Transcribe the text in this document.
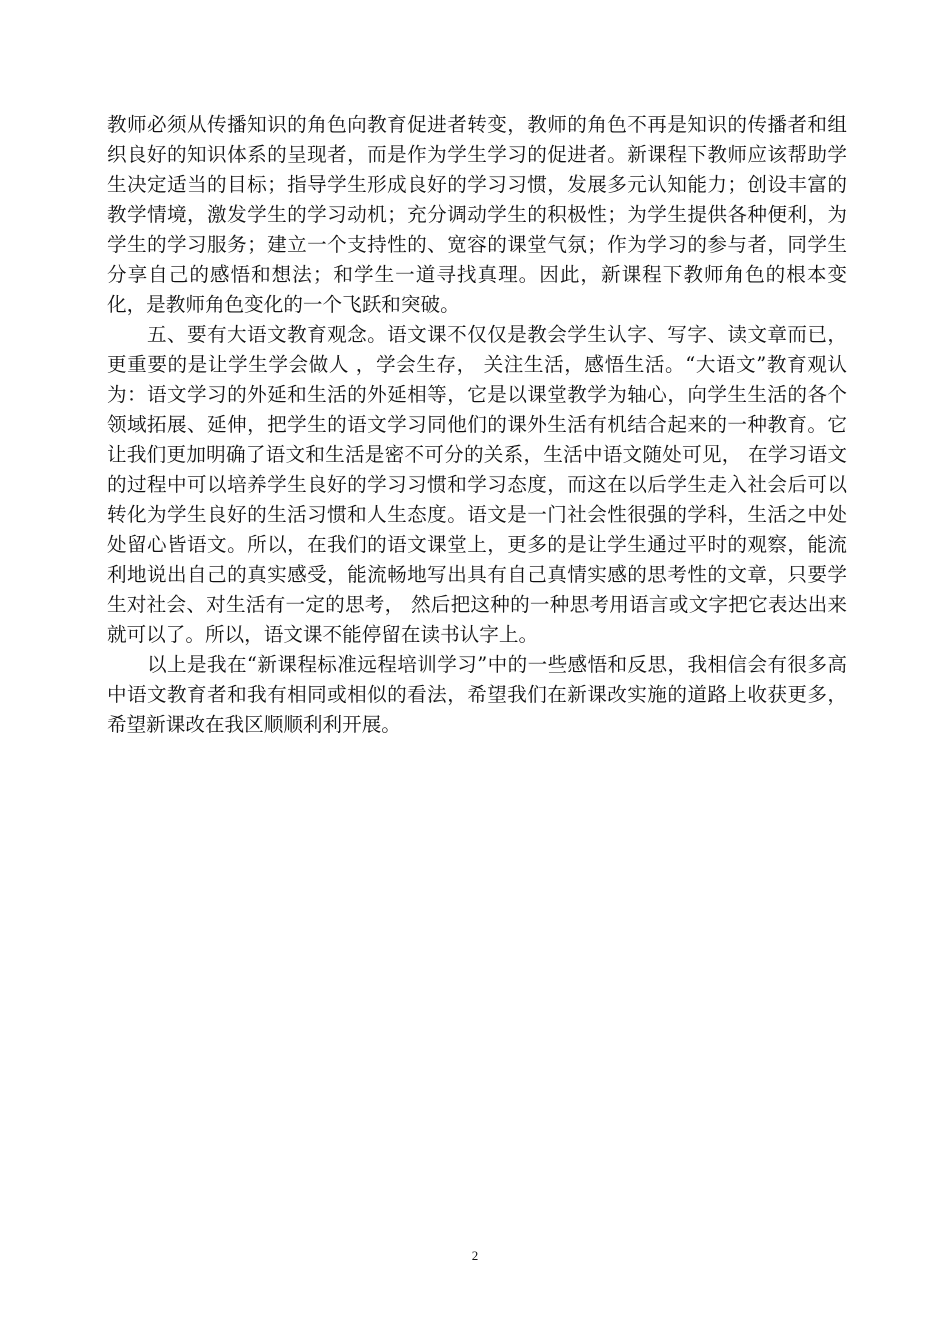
教师必须从传播知识的角色向教育促进者转变，教师的角色不再是知识的传播者和组织良好的知识体系的呈现者，而是作为学生学习的促进者。新课程下教师应该帮助学生决定适当的目标；指导学生形成良好的学习习惯，发展多元认知能力；创设丰富的教学情境，激发学生的学习动机；充分调动学生的积极性；为学生提供各种便利，为学生的学习服务；建立一个支持性的、宽容的课堂气氛；作为学习的参与者，同学生分享自己的感悟和想法；和学生一道寻找真理。因此，新课程下教师角色的根本变化，是教师角色变化的一个飞跃和突破。

五、要有大语文教育观念。语文课不仅仅是教会学生认字、写字、读文章而已，更重要的是让学生学会做人 ，学会生存， 关注生活，感悟生活。“大语文”教育观认为：语文学习的外延和生活的外延相等，它是以课堂教学为轴心，向学生生活的各个领域拓展、延伸，把学生的语文学习同他们的课外生活有机结合起来的一种教育。它让我们更加明确了语文和生活是密不可分的关系，生活中语文随处可见， 在学习语文的过程中可以培养学生良好的学习习惯和学习态度，而这在以后学生走入社会后可以转化为学生良好的生活习惯和人生态度。语文是一门社会性很强的学科，生活之中处处留心皆语文。所以，在我们的语文课堂上，更多的是让学生通过平时的观察，能流利地说出自己的真实感受，能流畅地写出具有自己真情实感的思考性的文章，只要学生对社会、对生活有一定的思考， 然后把这种的一种思考用语言或文字把它表达出来就可以了。所以，语文课不能停留在读书认字上。

以上是我在“新课程标准远程培训学习”中的一些感悟和反思，我相信会有很多高中语文教育者和我有相同或相似的看法，希望我们在新课改实施的道路上收获更多，希望新课改在我区顺顺利利开展。

2
